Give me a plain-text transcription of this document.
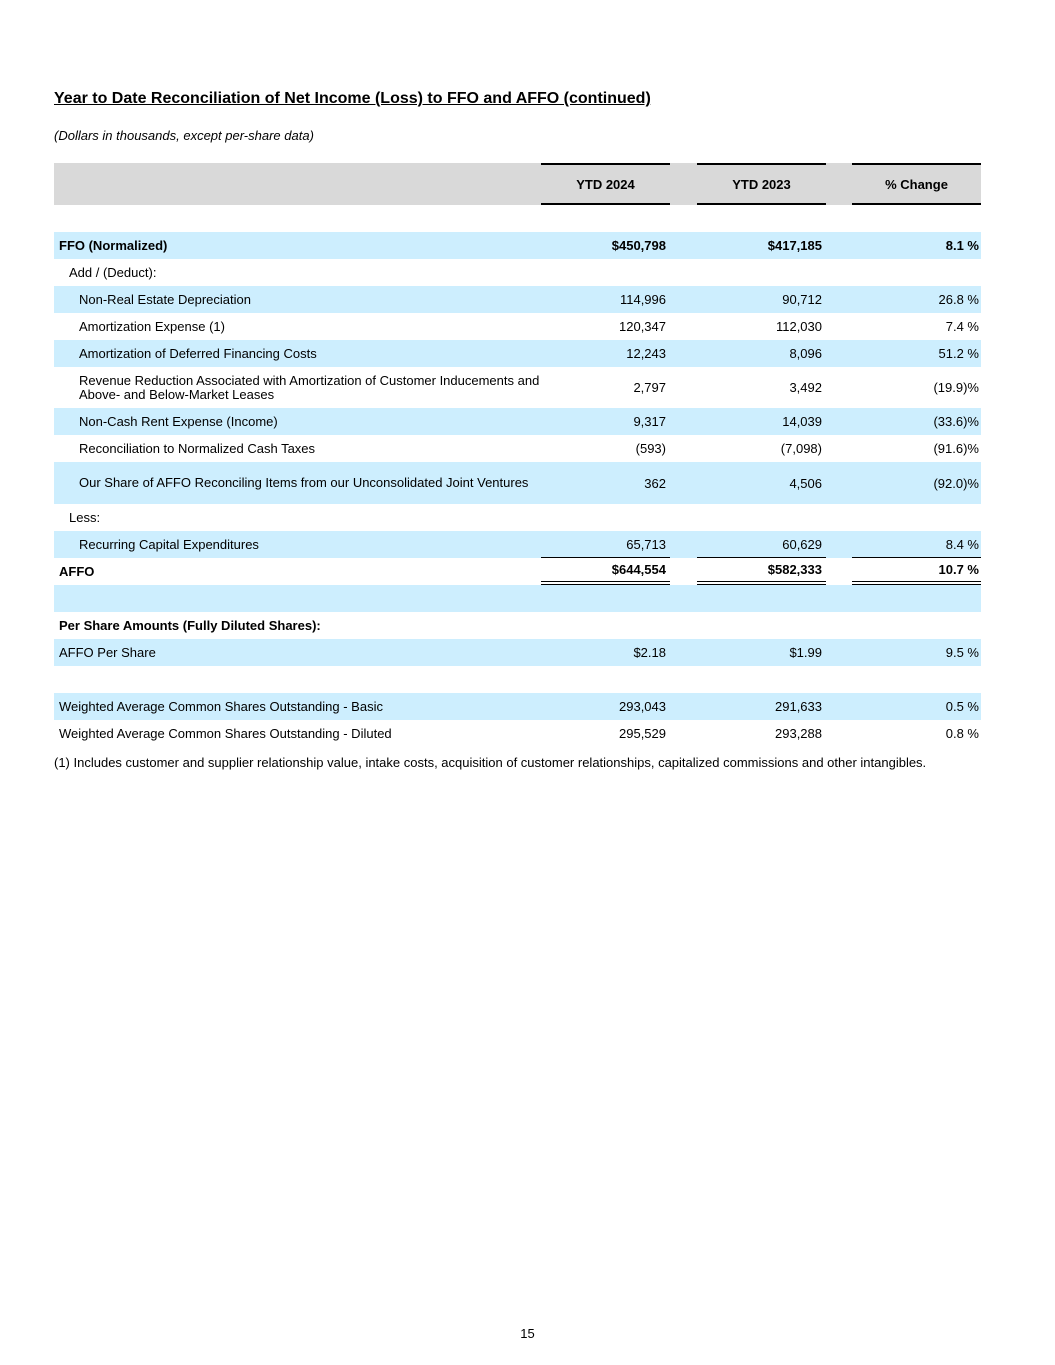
Year to Date Reconciliation of Net Income (Loss) to FFO and AFFO (continued)
(Dollars in thousands, except per-share data)
YTD 2024	YTD 2023	% Change
FFO (Normalized)	$450,798	$417,185	8.1 %
Add / (Deduct):
Non-Real Estate Depreciation	114,996	90,712	26.8 %
Amortization Expense (1)	120,347	112,030	7.4 %
Amortization of Deferred Financing Costs	12,243	8,096	51.2 %
Revenue Reduction Associated with Amortization of Customer Inducements and Above- and Below-Market Leases	2,797	3,492	(19.9)%
Non-Cash Rent Expense (Income)	9,317	14,039	(33.6)%
Reconciliation to Normalized Cash Taxes	(593)	(7,098)	(91.6)%
Our Share of AFFO Reconciling Items from our Unconsolidated Joint Ventures	362	4,506	(92.0)%
Less:
Recurring Capital Expenditures	65,713	60,629	8.4 %
AFFO	$644,554	$582,333	10.7 %
Per Share Amounts (Fully Diluted Shares):
AFFO Per Share	$2.18	$1.99	9.5 %
Weighted Average Common Shares Outstanding - Basic	293,043	291,633	0.5 %
Weighted Average Common Shares Outstanding - Diluted	295,529	293,288	0.8 %
(1) Includes customer and supplier relationship value, intake costs, acquisition of customer relationships, capitalized commissions and other intangibles.
15
